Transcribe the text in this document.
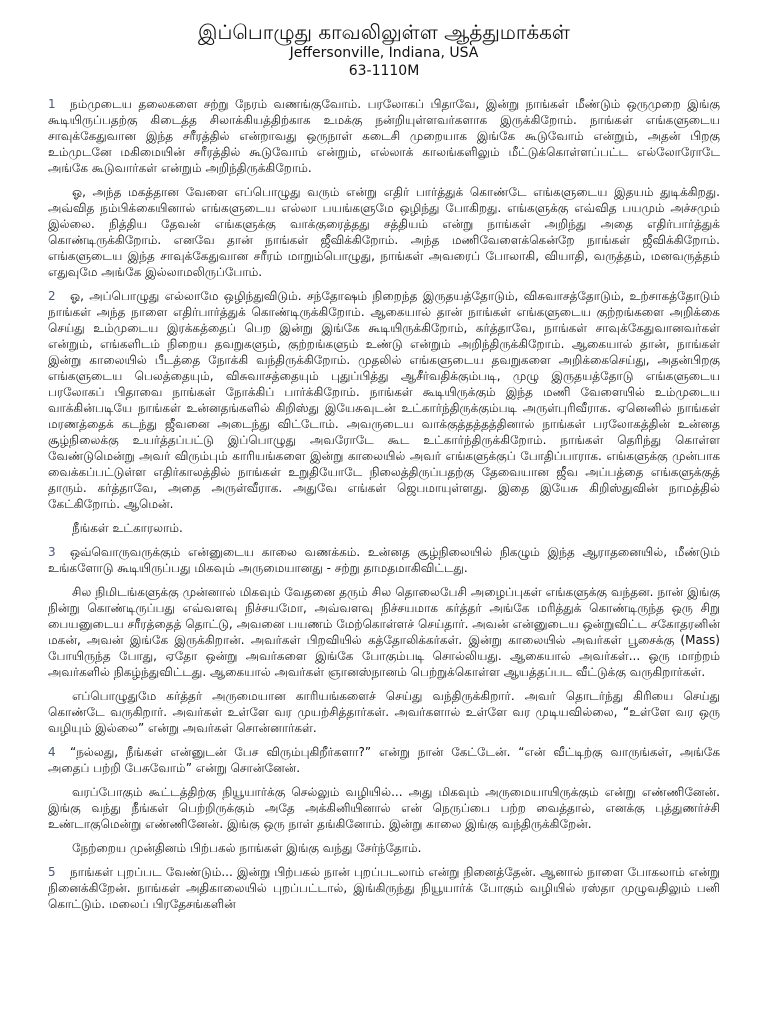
இப்பொழுது காவலிலுள்ள ஆத்துமாக்கள்
Jeffersonville, Indiana, USA
63-1110M

1 நம்முடைய தலைகளை சற்று நேரம் வணங்குவோம். பரலோகப் பிதாவே, இன்று நாங்கள் மீண்டும் ஒருமுறை இங்கு கூடியிருப்பதற்கு கிடைத்த சிலாக்கியத்திற்காக உமக்கு நன்றியுள்ளவர்களாக இருக்கிறோம். நாங்கள் எங்களுடைய சாவுக்கேதுவான இந்த சரீரத்தில் என்றாவது ஒருநாள் கடைசி முறையாக இங்கே கூடுவோம் என்றும், அதன் பிறகு உம்முடனே மகிமையின் சரீரத்தில் கூடுவோம் என்றும், எல்லாக் காலங்களிலும் மீட்டுக்கொள்ளப்பட்ட எல்லோரோடே அங்கே கூடுவார்கள் என்றும் அறிந்திருக்கிறோம்.

ஓ, அந்த மகத்தான வேளை எப்பொழுது வரும் என்று எதிர் பார்த்துக் கொண்டே எங்களுடைய இதயம் துடிக்கிறது. அவ்வித நம்பிக்கையினால் எங்களுடைய எல்லா பயங்களுமே ஒழிந்து போகிறது. எங்களுக்கு எவ்வித பயமும் அச்சமும் இல்லை. நித்திய தேவன் எங்களுக்கு வாக்குரைத்தது சத்தியம் என்று நாங்கள் அறிந்து அதை எதிர்பார்த்துக் கொண்டிருக்கிறோம். எனவே தான் நாங்கள் ஜீவிக்கிறோம். அந்த மணிவேளைக்கென்றே நாங்கள் ஜீவிக்கிறோம். எங்களுடைய இந்த சாவுக்கேதுவான சரீரம் மாறும்பொழுது, நாங்கள் அவரைப் போலாகி, வியாதி, வருத்தம், மனவருத்தம் எதுவுமே அங்கே இல்லாமலிருப்போம்.

2 ஓ, அப்பொழுது எல்லாமே ஒழிந்துவிடும். சந்தோஷம் நிறைந்த இருதயத்தோடும், விசுவாசத்தோடும், உற்சாகத்தோடும் நாங்கள் அந்த நாளை எதிர்பார்த்துக் கொண்டிருக்கிறோம். ஆகையால் தான் நாங்கள் எங்களுடைய குற்றங்களை அறிக்கை செய்து உம்முடைய இரக்கத்தைப் பெற இன்று இங்கே கூடியிருக்கிறோம், கர்த்தாவே, நாங்கள் சாவுக்கேதுவானவர்கள் என்றும், எங்களிடம் நிறைய தவறுகளும், குற்றங்களும் உண்டு என்றும் அறிந்திருக்கிறோம். ஆகையால் தான், நாங்கள் இன்று காலையில் பீடத்தை நோக்கி வந்திருக்கிறோம். முதலில் எங்களுடைய தவறுகளை அறிக்கைசெய்து, அதன்பிறகு எங்களுடைய பெலத்தையும், விசுவாசத்தையும் புதுப்பித்து ஆசீர்வதிக்கும்படி, முழு இருதயத்தோடு எங்களுடைய பரலோகப் பிதாவை நாங்கள் நோக்கிப் பார்க்கிறோம். நாங்கள் கூடியிருக்கும் இந்த மணி வேளையில் உம்முடைய வாக்கின்படியே நாங்கள் உன்னதங்களில் கிறிஸ்து இயேசுவுடன் உட்கார்ந்திருக்கும்படி அருள்புரிவீராக. ஏனெனில் நாங்கள் மரணத்தைக் கடந்து ஜீவனை அடைந்து விட்டோம். அவருடைய வாக்குத்தத்தத்தினால் நாங்கள் பரலோகத்தின் உன்னத சூழ்நிலைக்கு உயர்த்தப்பட்டு இப்பொழுது அவரோடே கூட உட்கார்ந்திருக்கிறோம். நாங்கள் தெரிந்து கொள்ள வேண்டுமென்று அவர் விரும்பும் காரியங்களை இன்று காலையில் அவர் எங்களுக்குப் போதிப்பாராக. எங்களுக்கு முன்பாக வைக்கப்பட்டுள்ள எதிர்காலத்தில் நாங்கள் உறுதியோடே நிலைத்திருப்பதற்கு தேவையான ஜீவ அப்பத்தை எங்களுக்குத் தாரும். கர்த்தாவே, அதை அருள்வீராக. அதுவே எங்கள் ஜெபமாயுள்ளது. இதை இயேசு கிறிஸ்துவின் நாமத்தில் கேட்கிறோம். ஆமென்.

நீங்கள் உட்காரலாம்.

3 ஒவ்வொருவருக்கும் என்னுடைய காலை வணக்கம். உன்னத சூழ்நிலையில் நிகழும் இந்த ஆராதனையில், மீண்டும் உங்களோடு கூடியிருப்பது மிகவும் அருமையானது - சற்று தாமதமாகிவிட்டது.

சில நிமிடங்களுக்கு முன்னால் மிகவும் வேதனை தரும் சில தொலைபேசி அழைப்புகள் எங்களுக்கு வந்தன. நான் இங்கு நின்று கொண்டிருப்பது எவ்வளவு நிச்சயமோ, அவ்வளவு நிச்சயமாக கர்த்தர் அங்கே மரித்துக் கொண்டிருந்த ஒரு சிறு பையனுடைய சரீரத்தைத் தொட்டு, அவனை பயணம் மேற்கொள்ளச் செய்தார். அவன் என்னுடைய ஒன்றுவிட்ட சகோதரனின் மகன், அவன் இங்கே இருக்கிறான். அவர்கள் பிறவியில் கத்தோலிக்கர்கள். இன்று காலையில் அவர்கள் பூசைக்கு (Mass) போயிருந்த போது, ஏதோ ஒன்று அவர்களை இங்கே போகும்படி சொல்லியது. ஆகையால் அவர்கள்... ஒரு மாற்றம் அவர்களில் நிகழ்ந்துவிட்டது. ஆகையால் அவர்கள் ஞானஸ்நானம் பெற்றுக்கொள்ள ஆயத்தப்பட வீட்டுக்கு வருகிறார்கள்.

எப்பொழுதுமே கர்த்தர் அருமையான காரியங்களைச் செய்து வந்திருக்கிறார். அவர் தொடர்ந்து கிரியை செய்து கொண்டே வருகிறார். அவர்கள் உள்ளே வர முயற்சித்தார்கள். அவர்களால் உள்ளே வர முடியவில்லை, “உள்ளே வர ஒரு வழியும் இல்லை” என்று அவர்கள் சொன்னார்கள்.

4 “நல்லது, நீங்கள் என்னுடன் பேச விரும்புகிறீர்களா?” என்று நான் கேட்டேன். “என் வீட்டிற்கு வாருங்கள், அங்கே அதைப் பற்றி பேசுவோம்” என்று சொன்னேன்.

வரப்போகும் கூட்டத்திற்கு நியூயார்க்கு செல்லும் வழியில்... அது மிகவும் அருமையாயிருக்கும் என்று எண்ணினேன். இங்கு வந்து நீங்கள் பெற்றிருக்கும் அதே அக்கினியினால் என் நெருப்பை பற்ற வைத்தால், எனக்கு புத்துணர்ச்சி உண்டாகுமென்று எண்ணினேன். இங்கு ஒரு நாள் தங்கினோம். இன்று காலை இங்கு வந்திருக்கிறேன்.

நேற்றைய முன்தினம் பிற்பகல் நாங்கள் இங்கு வந்து சேர்ந்தோம்.

5 நாங்கள் புறப்பட வேண்டும்... இன்று பிற்பகல் நான் புறப்படலாம் என்று நினைத்தேன். ஆனால் நாளை போகலாம் என்று நினைக்கிறேன். நாங்கள் அதிகாலையில் புறப்பட்டால், இங்கிருந்து நியூயார்க் போகும் வழியில் ரஸ்தா முழுவதிலும் பனி கொட்டும். மலைப் பிரதேசங்களின்
